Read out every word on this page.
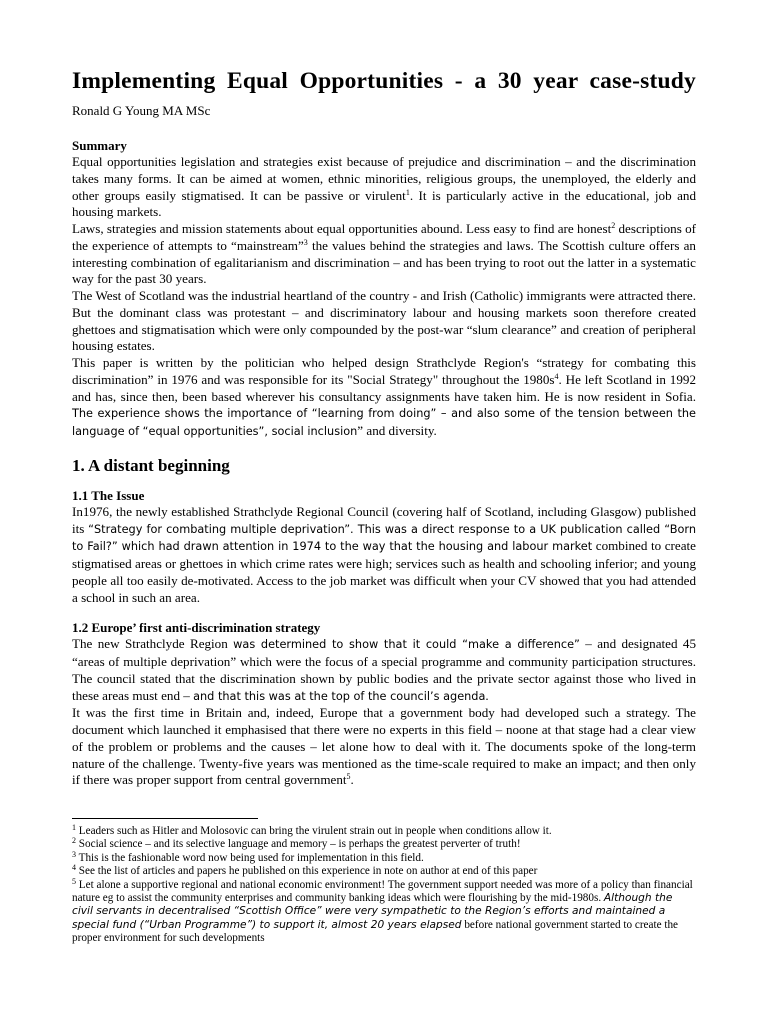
Implementing Equal Opportunities - a 30 year case-study Ronald G Young MA MSc
Summary

Equal opportunities legislation and strategies exist because of prejudice and discrimination – and the discrimination takes many forms. It can be aimed at women, ethnic minorities, religious groups, the unemployed, the elderly and other groups easily stigmatised. It can be passive or virulent$^1$. It is particularly active in the educational, job and housing markets.

Laws, strategies and mission statements about equal opportunities abound. Less easy to find are honest$^2$ descriptions of the experience of attempts to “mainstream”$^3$ the values behind the strategies and laws. The Scottish culture offers an interesting combination of egalitarianism and discrimination – and has been trying to root out the latter in a systematic way for the past 30 years.

The West of Scotland was the industrial heartland of the country - and Irish (Catholic) immigrants were attracted there. But the dominant class was protestant – and discriminatory labour and housing markets soon therefore created ghettoes and stigmatisation which were only compounded by the post-war “slum clearance” and creation of peripheral housing estates.

This paper is written by the politician who helped design Strathclyde Region's “strategy for combating this discrimination” in 1976 and was responsible for its "Social Strategy" throughout the $1980s^4$. He left Scotland in 1992 and has, since then, been based wherever his consultancy assignments have taken him. He is now resident in Sofia. The experience shows the importance of “learning from doing” – and also some of the tension between the language of “equal opportunities”, social inclusion” and diversity.

1. A distant beginning
1.1 The Issue

In1976, the newly established Strathclyde Regional Council (covering half of Scotland, including Glasgow) published its “Strategy for combating multiple deprivation”. This was a direct response to a UK publication called “Born to Fail?” which had drawn attention in 1974 to the way that the housing and labour market combined to create stigmatised areas or ghettoes in which crime rates were high; services such as health and schooling inferior; and young people all too easily de-motivated. Access to the job market was difficult when your CV showed that you had attended a school in such an area.

1.2 Europe’ first anti-discrimination strategy

The new Strathclyde Region was determined to show that it could “make a difference” – and designated 45 “areas of multiple deprivation” which were the focus of a special programme and community participation structures. The council stated that the discrimination shown by public bodies and the private sector against those who lived in these areas must end – and that this was at the top of the council’s agenda.

It was the first time in Britain and, indeed, Europe that a government body had developed such a strategy. The document which launched it emphasised that there were no experts in this field – noone at that stage had a clear view of the problem or problems and the causes – let alone how to deal with it. The documents spoke of the long-term nature of the challenge. Twenty-five years was mentioned as the time-scale required to make an impact; and then only if there was proper support from central government$^5$.

$^1$ Leaders such as Hitler and Molosovic can bring the virulent strain out in people when conditions allow it.

$^2$ Social science – and its selective language and memory – is perhaps the greatest perverter of truth!

$^3$ This is the fashionable word now being used for implementation in this field.

$^4$ See the list of articles and papers he published on this experience in note on author at end of this paper

$^5$ Let alone a supportive regional and national economic environment! The government support needed was more of a policy than financial nature eg to assist the community enterprises and community banking ideas which were flourishing by the mid-1980s. Although the civil servants in decentralised “Scottish Office” were very sympathetic to the Region’s efforts and maintained a special fund (“Urban Programme”) to support it, almost 20 years elapsed before national government started to create the proper environment for such developments
